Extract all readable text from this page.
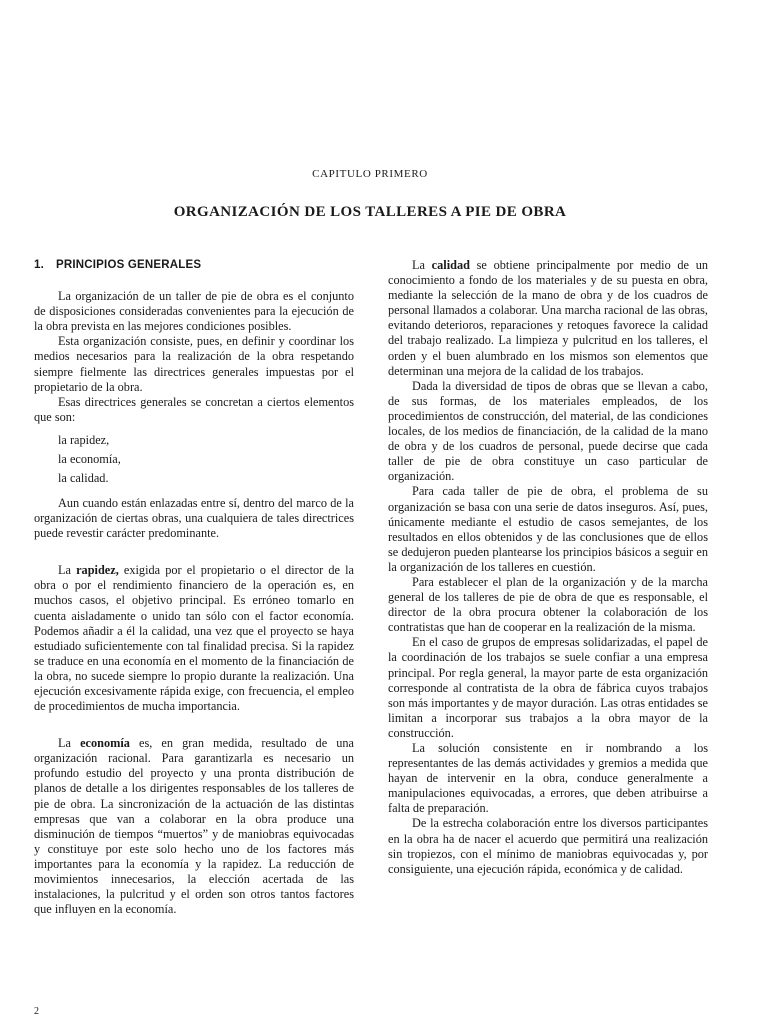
CAPITULO PRIMERO
ORGANIZACIÓN DE LOS TALLERES A PIE DE OBRA
1. PRINCIPIOS GENERALES

La organización de un taller de pie de obra es el conjunto de disposiciones consideradas convenientes para la ejecución de la obra prevista en las mejores condiciones posibles.

Esta organización consiste, pues, en definir y coordinar los medios necesarios para la realización de la obra respetando siempre fielmente las directrices generales impuestas por el propietario de la obra.

Esas directrices generales se concretan a ciertos elementos que son:

la rapidez,
la economía,
la calidad.

Aun cuando están enlazadas entre sí, dentro del marco de la organización de ciertas obras, una cualquiera de tales directrices puede revestir carácter predominante.

La rapidez, exigida por el propietario o el director de la obra o por el rendimiento financiero de la operación es, en muchos casos, el objetivo principal. Es erróneo tomarlo en cuenta aisladamente o unido tan sólo con el factor economía. Podemos añadir a él la calidad, una vez que el proyecto se haya estudiado suficientemente con tal finalidad precisa. Si la rapidez se traduce en una economía en el momento de la financiación de la obra, no sucede siempre lo propio durante la realización. Una ejecución excesivamente rápida exige, con frecuencia, el empleo de procedimientos de mucha importancia.

La economía es, en gran medida, resultado de una organización racional. Para garantizarla es necesario un profundo estudio del proyecto y una pronta distribución de planos de detalle a los dirigentes responsables de los talleres de pie de obra. La sincronización de la actuación de las distintas empresas que van a colaborar en la obra produce una disminución de tiempos “muertos” y de maniobras equivocadas y constituye por este solo hecho uno de los factores más importantes para la economía y la rapidez. La reducción de movimientos innecesarios, la elección acertada de las instalaciones, la pulcritud y el orden son otros tantos factores que influyen en la economía.

La calidad se obtiene principalmente por medio de un conocimiento a fondo de los materiales y de su puesta en obra, mediante la selección de la mano de obra y de los cuadros de personal llamados a colaborar. Una marcha racional de las obras, evitando deterioros, reparaciones y retoques favorece la calidad del trabajo realizado. La limpieza y pulcritud en los talleres, el orden y el buen alumbrado en los mismos son elementos que determinan una mejora de la calidad de los trabajos.

Dada la diversidad de tipos de obras que se llevan a cabo, de sus formas, de los materiales empleados, de los procedimientos de construcción, del material, de las condiciones locales, de los medios de financiación, de la calidad de la mano de obra y de los cuadros de personal, puede decirse que cada taller de pie de obra constituye un caso particular de organización.

Para cada taller de pie de obra, el problema de su organización se basa con una serie de datos inseguros. Así, pues, únicamente mediante el estudio de casos semejantes, de los resultados en ellos obtenidos y de las conclusiones que de ellos se dedujeron pueden plantearse los principios básicos a seguir en la organización de los talleres en cuestión.

Para establecer el plan de la organización y de la marcha general de los talleres de pie de obra de que es responsable, el director de la obra procura obtener la colaboración de los contratistas que han de cooperar en la realización de la misma.

En el caso de grupos de empresas solidarizadas, el papel de la coordinación de los trabajos se suele confiar a una empresa principal. Por regla general, la mayor parte de esta organización corresponde al contratista de la obra de fábrica cuyos trabajos son más importantes y de mayor duración. Las otras entidades se limitan a incorporar sus trabajos a la obra mayor de la construcción.

La solución consistente en ir nombrando a los representantes de las demás actividades y gremios a medida que hayan de intervenir en la obra, conduce generalmente a manipulaciones equivocadas, a errores, que deben atribuirse a falta de preparación.

De la estrecha colaboración entre los diversos participantes en la obra ha de nacer el acuerdo que permitirá una realización sin tropiezos, con el mínimo de maniobras equivocadas y, por consiguiente, una ejecución rápida, económica y de calidad.

2
